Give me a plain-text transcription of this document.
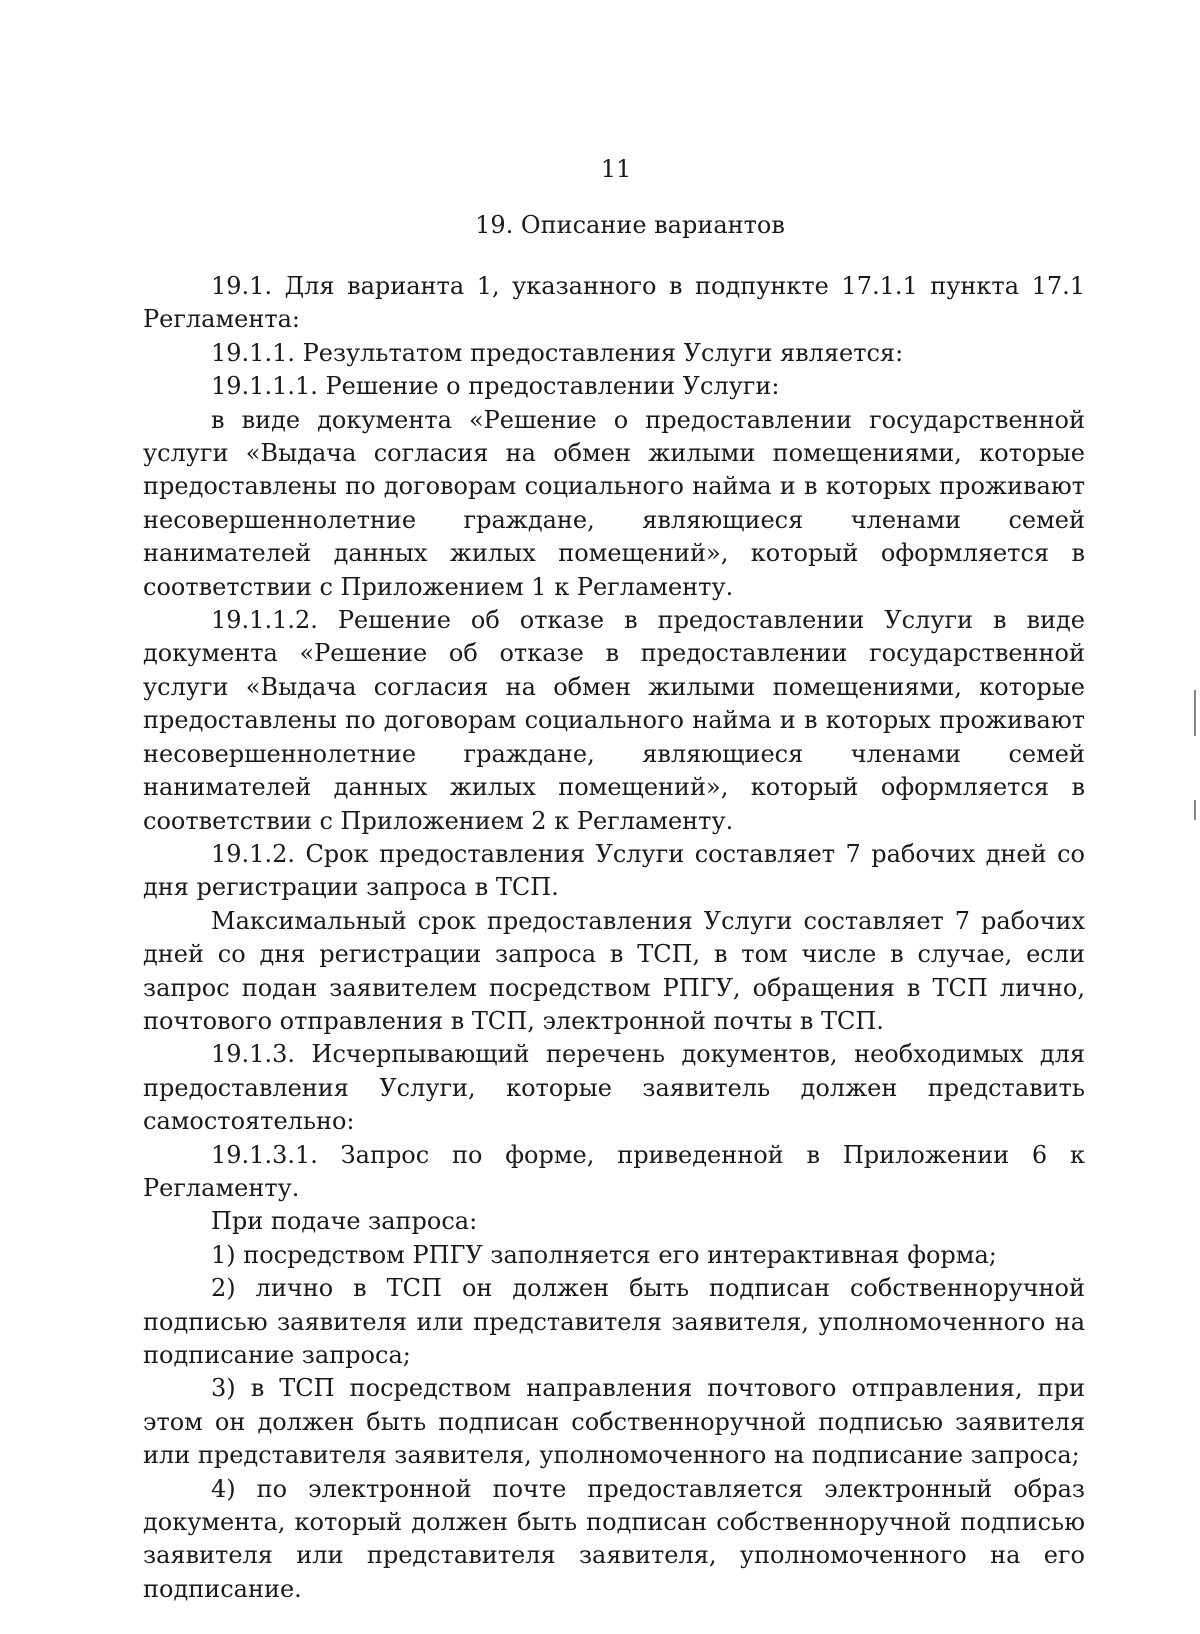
11
19. Описание вариантов

19.1. Для варианта 1, указанного в подпункте 17.1.1 пункта 17.1 Регламента:

19.1.1. Результатом предоставления Услуги является:

19.1.1.1. Решение о предоставлении Услуги:

в виде документа «Решение о предоставлении государственной услуги «Выдача согласия на обмен жилыми помещениями, которые предоставлены по договорам социального найма и в которых проживают несовершеннолетние граждане, являющиеся членами семей нанимателей данных жилых помещений», который оформляется в соответствии с Приложением 1 к Регламенту.

19.1.1.2. Решение об отказе в предоставлении Услуги в виде документа «Решение об отказе в предоставлении государственной услуги «Выдача согласия на обмен жилыми помещениями, которые предоставлены по договорам социального найма и в которых проживают несовершеннолетние граждане, являющиеся членами семей нанимателей данных жилых помещений», который оформляется в соответствии с Приложением 2 к Регламенту.

19.1.2. Срок предоставления Услуги составляет 7 рабочих дней со дня регистрации запроса в ТСП.

Максимальный срок предоставления Услуги составляет 7 рабочих дней со дня регистрации запроса в ТСП, в том числе в случае, если запрос подан заявителем посредством РПГУ, обращения в ТСП лично, почтового отправления в ТСП, электронной почты в ТСП.

19.1.3. Исчерпывающий перечень документов, необходимых для предоставления Услуги, которые заявитель должен представить самостоятельно:

19.1.3.1. Запрос по форме, приведенной в Приложении 6 к Регламенту.

При подаче запроса:

1) посредством РПГУ заполняется его интерактивная форма;

2) лично в ТСП он должен быть подписан собственноручной подписью заявителя или представителя заявителя, уполномоченного на подписание запроса;

3) в ТСП посредством направления почтового отправления, при этом он должен быть подписан собственноручной подписью заявителя или представителя заявителя, уполномоченного на подписание запроса;

4) по электронной почте предоставляется электронный образ документа, который должен быть подписан собственноручной подписью заявителя или представителя заявителя, уполномоченного на его подписание.
